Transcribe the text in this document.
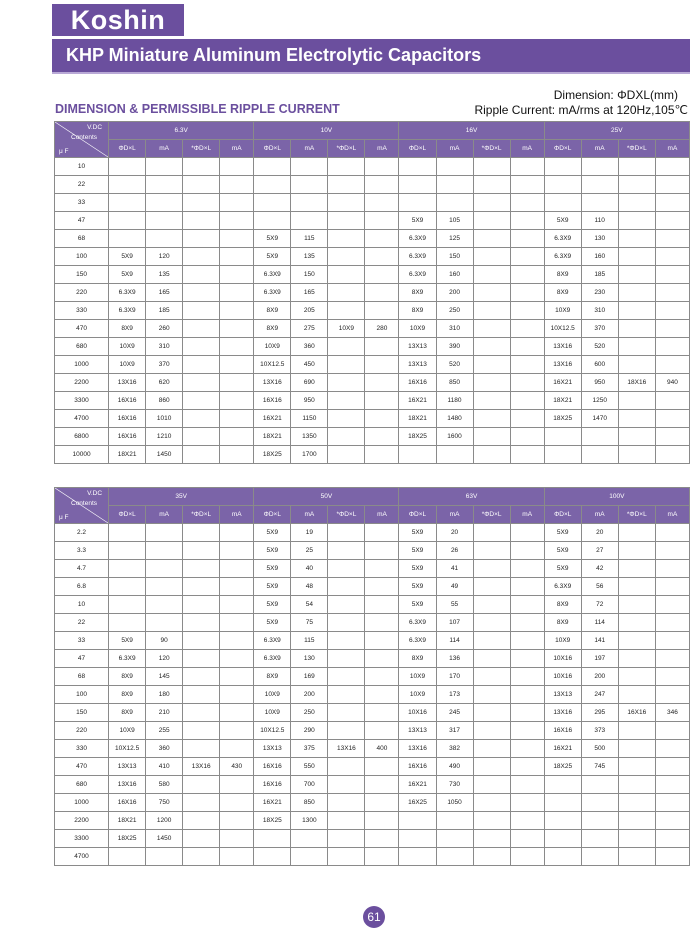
Koshin
KHP Miniature Aluminum Electrolytic Capacitors
DIMENSION & PERMISSIBLE RIPPLE CURRENT
Dimension: ΦDXL(mm)
Ripple Current: mA/rms at 120Hz,105℃
V.DC
Contents
μ F	6.3V				10V				16V				25V			
	ΦD×L	mA	*ΦD×L	mA	ΦD×L	mA	*ΦD×L	mA	ΦD×L	mA	*ΦD×L	mA	ΦD×L	mA	*ΦD×L	mA
10																
22																
33																
47									5X9	105			5X9	110		
68					5X9	115			6.3X9	125			6.3X9	130		
100	5X9	120			5X9	135			6.3X9	150			6.3X9	160		
150	5X9	135			6.3X9	150			6.3X9	160			8X9	185		
220	6.3X9	165			6.3X9	165			8X9	200			8X9	230		
330	6.3X9	185			8X9	205			8X9	250			10X9	310		
470	8X9	260			8X9	275	10X9	280	10X9	310			10X12.5	370		
680	10X9	310			10X9	360			13X13	390			13X16	520		
1000	10X9	370			10X12.5	450			13X13	520			13X16	600		
2200	13X16	620			13X16	690			16X16	850			16X21	950	18X16	940
3300	16X16	860			16X16	950			16X21	1180			18X21	1250		
4700	16X16	1010			16X21	1150			18X21	1480			18X25	1470		
6800	16X16	1210			18X21	1350			18X25	1600						
10000	18X21	1450			18X25	1700										
V.DC
Contents
μ F	35V				50V				63V				100V			
	ΦD×L	mA	*ΦD×L	mA	ΦD×L	mA	*ΦD×L	mA	ΦD×L	mA	*ΦD×L	mA	ΦD×L	mA	*ΦD×L	mA
2.2					5X9	19			5X9	20			5X9	20		
3.3					5X9	25			5X9	26			5X9	27		
4.7					5X9	40			5X9	41			5X9	42		
6.8					5X9	48			5X9	49			6.3X9	56		
10					5X9	54			5X9	55			8X9	72		
22					5X9	75			6.3X9	107			8X9	114		
33	5X9	90			6.3X9	115			6.3X9	114			10X9	141		
47	6.3X9	120			6.3X9	130			8X9	136			10X16	197		
68	8X9	145			8X9	169			10X9	170			10X16	200		
100	8X9	180			10X9	200			10X9	173			13X13	247		
150	8X9	210			10X9	250			10X16	245			13X16	295	16X16	346
220	10X9	255			10X12.5	290			13X13	317			16X16	373		
330	10X12.5	360			13X13	375	13X16	400	13X16	382			16X21	500		
470	13X13	410	13X16	430	16X16	550			16X16	490			18X25	745		
680	13X16	580			16X16	700			16X21	730						
1000	16X16	750			16X21	850			16X25	1050						
2200	18X21	1200			18X25	1300										
3300	18X25	1450														
4700																
61
